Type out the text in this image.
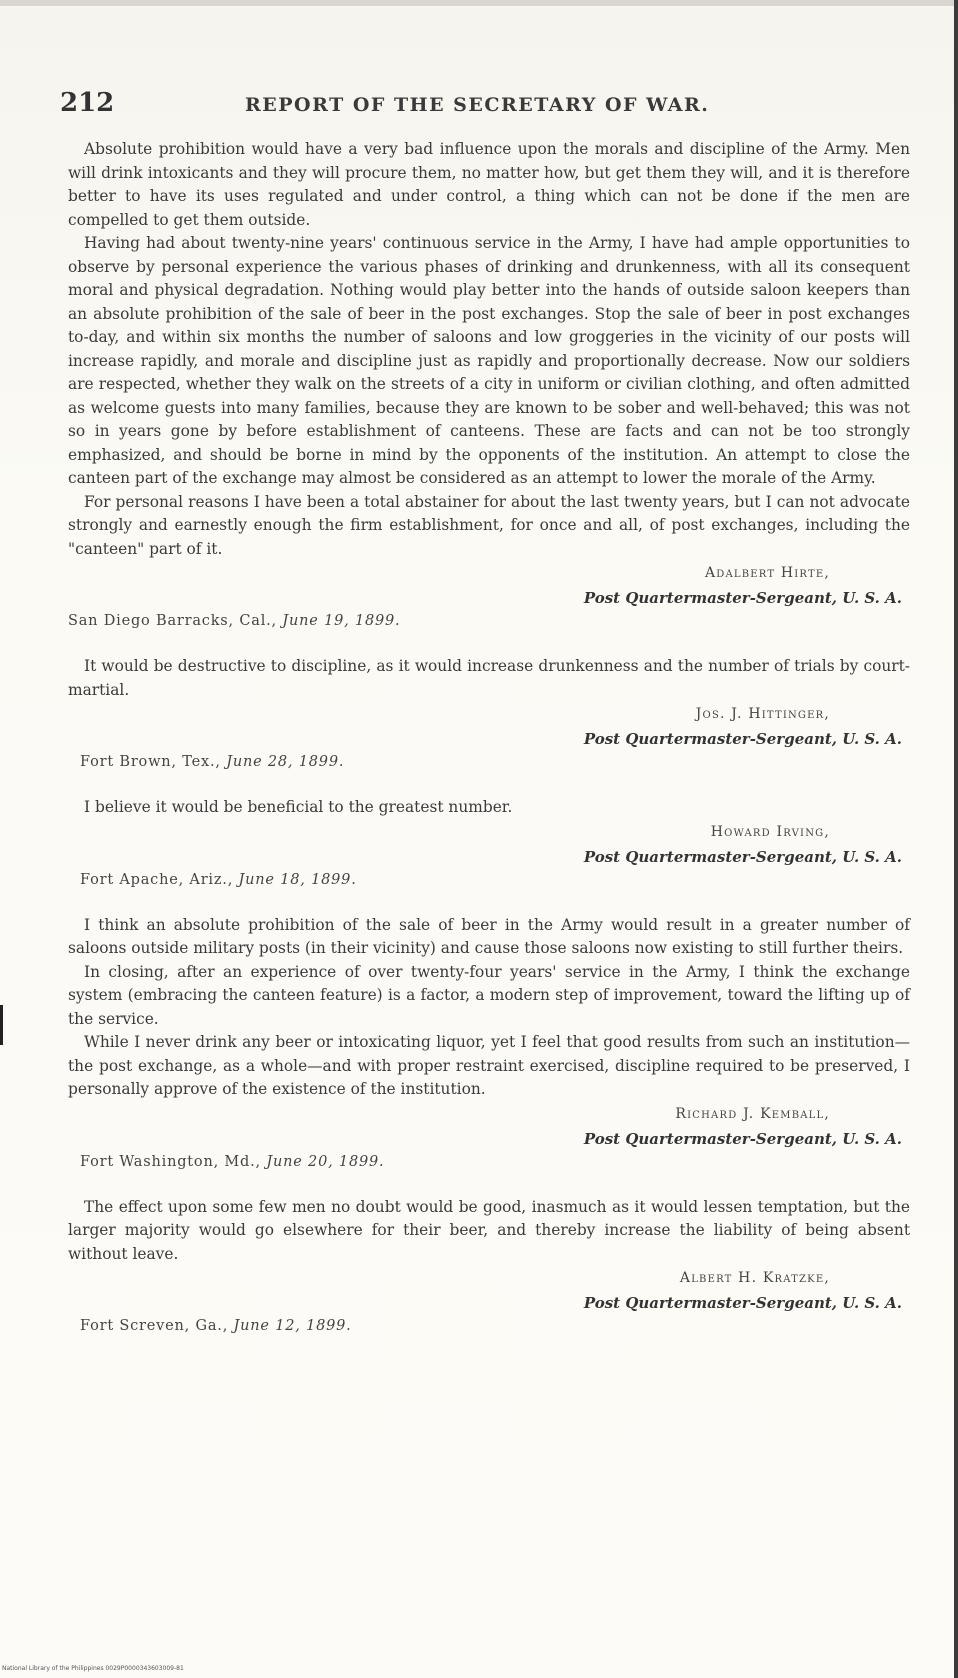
212	REPORT OF THE SECRETARY OF WAR.

Absolute prohibition would have a very bad influence upon the morals and discipline of the Army. Men will drink intoxicants and they will procure them, no matter how, but get them they will, and it is therefore better to have its uses regulated and under control, a thing which can not be done if the men are compelled to get them outside.

Having had about twenty-nine years' continuous service in the Army, I have had ample opportunities to observe by personal experience the various phases of drinking and drunkenness, with all its consequent moral and physical degradation. Nothing would play better into the hands of outside saloon keepers than an absolute prohibition of the sale of beer in the post exchanges. Stop the sale of beer in post exchanges to-day, and within six months the number of saloons and low groggeries in the vicinity of our posts will increase rapidly, and morale and discipline just as rapidly and proportionally decrease. Now our soldiers are respected, whether they walk on the streets of a city in uniform or civilian clothing, and often admitted as welcome guests into many families, because they are known to be sober and well-behaved; this was not so in years gone by before establishment of canteens. These are facts and can not be too strongly emphasized, and should be borne in mind by the opponents of the institution. An attempt to close the canteen part of the exchange may almost be considered as an attempt to lower the morale of the Army.

For personal reasons I have been a total abstainer for about the last twenty years, but I can not advocate strongly and earnestly enough the firm establishment, for once and all, of post exchanges, including the "canteen" part of it.

Adalbert Hirte,
Post Quartermaster-Sergeant, U. S. A.
San Diego Barracks, Cal., June 19, 1899.

It would be destructive to discipline, as it would increase drunkenness and the number of trials by court-martial.

Jos. J. Hittinger,
Post Quartermaster-Sergeant, U. S. A.
Fort Brown, Tex., June 28, 1899.

I believe it would be beneficial to the greatest number.

Howard Irving,
Post Quartermaster-Sergeant, U. S. A.
Fort Apache, Ariz., June 18, 1899.

I think an absolute prohibition of the sale of beer in the Army would result in a greater number of saloons outside military posts (in their vicinity) and cause those saloons now existing to still further theirs.

In closing, after an experience of over twenty-four years' service in the Army, I think the exchange system (embracing the canteen feature) is a factor, a modern step of improvement, toward the lifting up of the service.

While I never drink any beer or intoxicating liquor, yet I feel that good results from such an institution—the post exchange, as a whole—and with proper restraint exercised, discipline required to be preserved, I personally approve of the existence of the institution.

Richard J. Kemball,
Post Quartermaster-Sergeant, U. S. A.
Fort Washington, Md., June 20, 1899.

The effect upon some few men no doubt would be good, inasmuch as it would lessen temptation, but the larger majority would go elsewhere for their beer, and thereby increase the liability of being absent without leave.

Albert H. Kratzke,
Post Quartermaster-Sergeant, U. S. A.
Fort Screven, Ga., June 12, 1899.
National Library of the Philippines 0029P0000343603009-81
